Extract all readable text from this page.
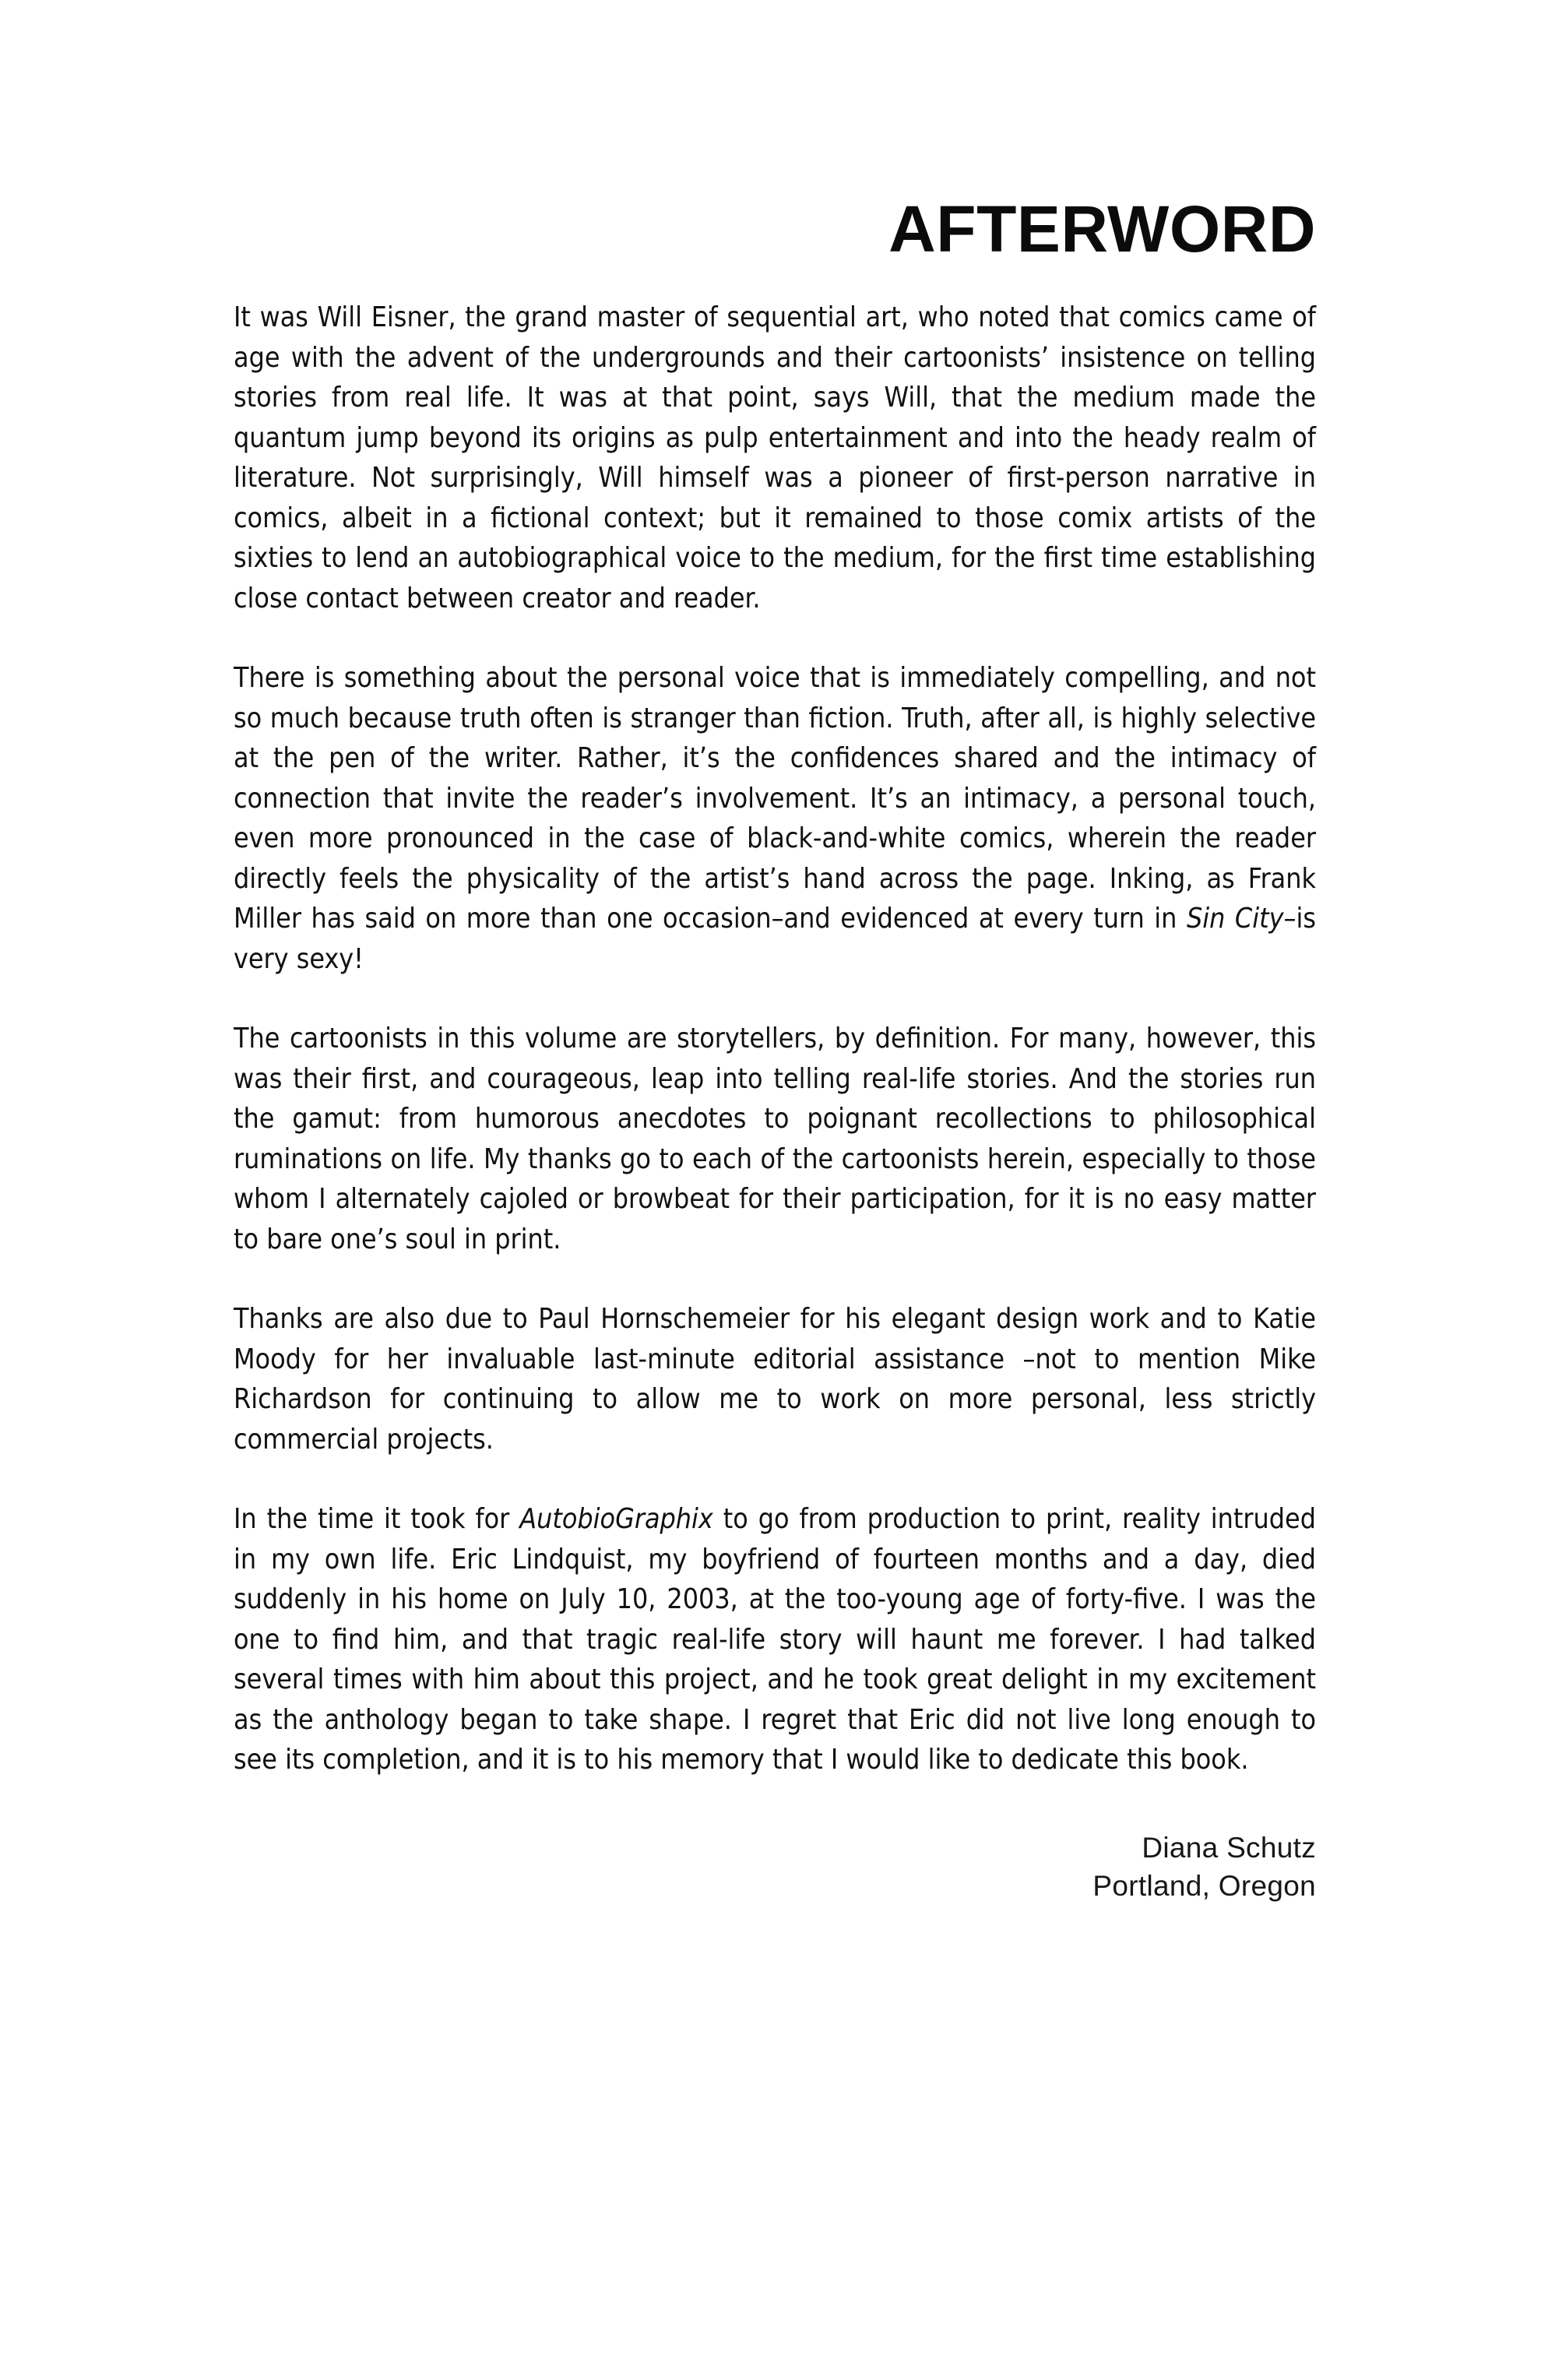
AFTERWORD

It was Will Eisner, the grand master of sequential art, who noted that comics came of age with the advent of the undergrounds and their cartoonists’ insistence on telling stories from real life. It was at that point, says Will, that the medium made the quantum jump beyond its origins as pulp entertainment and into the heady realm of literature. Not surprisingly, Will himself was a pioneer of first-person narrative in comics, albeit in a fictional context; but it remained to those comix artists of the sixties to lend an autobiographical voice to the medium, for the first time establishing close contact between creator and reader.

There is something about the personal voice that is immediately compelling, and not so much because truth often is stranger than fiction. Truth, after all, is highly selective at the pen of the writer. Rather, it’s the confidences shared and the intimacy of connection that invite the reader’s involvement. It’s an intimacy, a personal touch, even more pronounced in the case of black-and-white comics, wherein the reader directly feels the physicality of the artist’s hand across the page. Inking, as Frank Miller has said on more than one occasion–and evidenced at every turn in Sin City–is very sexy!

The cartoonists in this volume are storytellers, by definition. For many, however, this was their first, and courageous, leap into telling real-life stories. And the stories run the gamut: from humorous anecdotes to poignant recollections to philosophical ruminations on life. My thanks go to each of the cartoonists herein, especially to those whom I alternately cajoled or browbeat for their participation, for it is no easy matter to bare one’s soul in print.

Thanks are also due to Paul Hornschemeier for his elegant design work and to Katie Moody for her invaluable last-minute editorial assistance –not to mention Mike Richardson for continuing to allow me to work on more personal, less strictly commercial projects.

In the time it took for AutobioGraphix to go from production to print, reality intruded in my own life. Eric Lindquist, my boyfriend of fourteen months and a day, died suddenly in his home on July 10, 2003, at the too-young age of forty-five. I was the one to find him, and that tragic real-life story will haunt me forever. I had talked several times with him about this project, and he took great delight in my excitement as the anthology began to take shape. I regret that Eric did not live long enough to see its completion, and it is to his memory that I would like to dedicate this book.

Diana Schutz
Portland, Oregon
